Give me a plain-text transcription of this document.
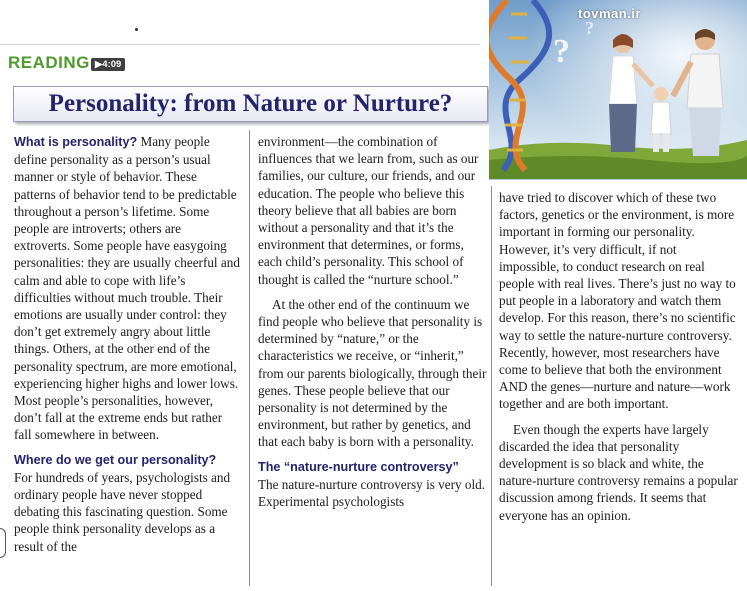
READING ▶4:09
Personality: from Nature or Nurture?

What is personality? Many people define personality as a person’s usual manner or style of behavior. These patterns of behavior tend to be predictable throughout a person’s lifetime. Some people are introverts; others are extroverts. Some people have easygoing personalities: they are usually cheerful and calm and able to cope with life’s difficulties without much trouble. Their emotions are usually under control: they don’t get extremely angry about little things. Others, at the other end of the personality spectrum, are more emotional, experiencing higher highs and lower lows. Most people’s personalities, however, don’t fall at the extreme ends but rather fall somewhere in between.

Where do we get our personality?

For hundreds of years, psychologists and ordinary people have never stopped debating this fascinating question. Some people think personality develops as a result of the

environment—the combination of influences that we learn from, such as our families, our culture, our friends, and our education. The people who believe this theory believe that all babies are born without a personality and that it’s the environment that determines, or forms, each child’s personality. This school of thought is called the “nurture school.”

At the other end of the continuum we find people who believe that personality is determined by “nature,” or the characteristics we receive, or “inherit,” from our parents biologically, through their genes. These people believe that our personality is not determined by the environment, but rather by genetics, and that each baby is born with a personality.

The “nature-nurture controversy”

The nature-nurture controversy is very old. Experimental psychologists

have tried to discover which of these two factors, genetics or the environment, is more important in forming our personality. However, it’s very difficult, if not impossible, to conduct research on real people with real lives. There’s just no way to put people in a laboratory and watch them develop. For this reason, there’s no scientific way to settle the nature-nurture controversy. Recently, however, most researchers have come to believe that both the environment AND the genes—nurture and nature—work together and are both important.

Even though the experts have largely discarded the idea that personality development is so black and white, the nature-nurture controversy remains a popular discussion among friends. It seems that everyone has an opinion.

?
?
tovman.ir
